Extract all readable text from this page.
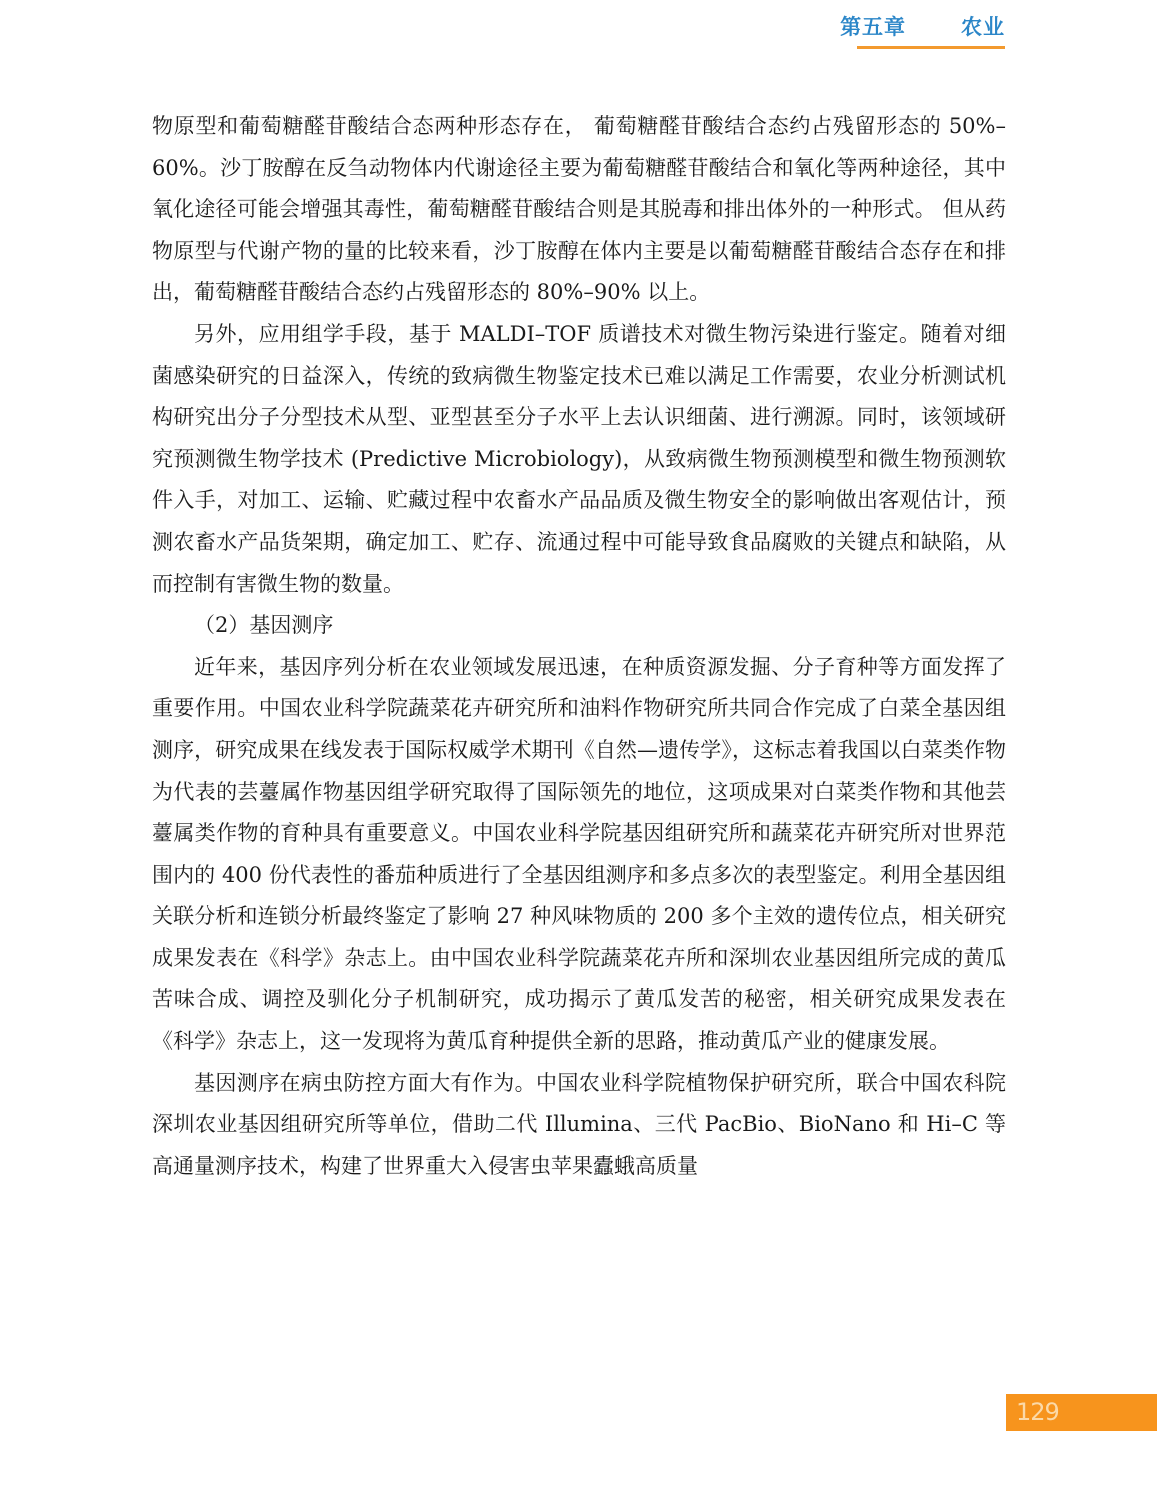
第五章   农业

物原型和葡萄糖醛苷酸结合态两种形态存在， 葡萄糖醛苷酸结合态约占残留形态的 50%–60%。沙丁胺醇在反刍动物体内代谢途径主要为葡萄糖醛苷酸结合和氧化等两种途径，其中氧化途径可能会增强其毒性，葡萄糖醛苷酸结合则是其脱毒和排出体外的一种形式。 但从药物原型与代谢产物的量的比较来看，沙丁胺醇在体内主要是以葡萄糖醛苷酸结合态存在和排出，葡萄糖醛苷酸结合态约占残留形态的 80%–90% 以上。

另外，应用组学手段，基于 MALDI–TOF 质谱技术对微生物污染进行鉴定。随着对细菌感染研究的日益深入，传统的致病微生物鉴定技术已难以满足工作需要，农业分析测试机构研究出分子分型技术从型、亚型甚至分子水平上去认识细菌、进行溯源。同时，该领域研究预测微生物学技术 (Predictive Microbiology)，从致病微生物预测模型和微生物预测软件入手，对加工、运输、贮藏过程中农畜水产品品质及微生物安全的影响做出客观估计，预测农畜水产品货架期，确定加工、贮存、流通过程中可能导致食品腐败的关键点和缺陷，从而控制有害微生物的数量。

（2）基因测序

近年来，基因序列分析在农业领域发展迅速，在种质资源发掘、分子育种等方面发挥了重要作用。中国农业科学院蔬菜花卉研究所和油料作物研究所共同合作完成了白菜全基因组测序，研究成果在线发表于国际权威学术期刊《自然—遗传学》，这标志着我国以白菜类作物为代表的芸薹属作物基因组学研究取得了国际领先的地位，这项成果对白菜类作物和其他芸薹属类作物的育种具有重要意义。中国农业科学院基因组研究所和蔬菜花卉研究所对世界范围内的 400 份代表性的番茄种质进行了全基因组测序和多点多次的表型鉴定。利用全基因组关联分析和连锁分析最终鉴定了影响 27 种风味物质的 200 多个主效的遗传位点，相关研究成果发表在《科学》杂志上。由中国农业科学院蔬菜花卉所和深圳农业基因组所完成的黄瓜苦味合成、调控及驯化分子机制研究，成功揭示了黄瓜发苦的秘密，相关研究成果发表在《科学》杂志上，这一发现将为黄瓜育种提供全新的思路，推动黄瓜产业的健康发展。

基因测序在病虫防控方面大有作为。中国农业科学院植物保护研究所，联合中国农科院深圳农业基因组研究所等单位，借助二代 Illumina、三代 PacBio、BioNano 和 Hi–C 等高通量测序技术，构建了世界重大入侵害虫苹果蠹蛾高质量

129
